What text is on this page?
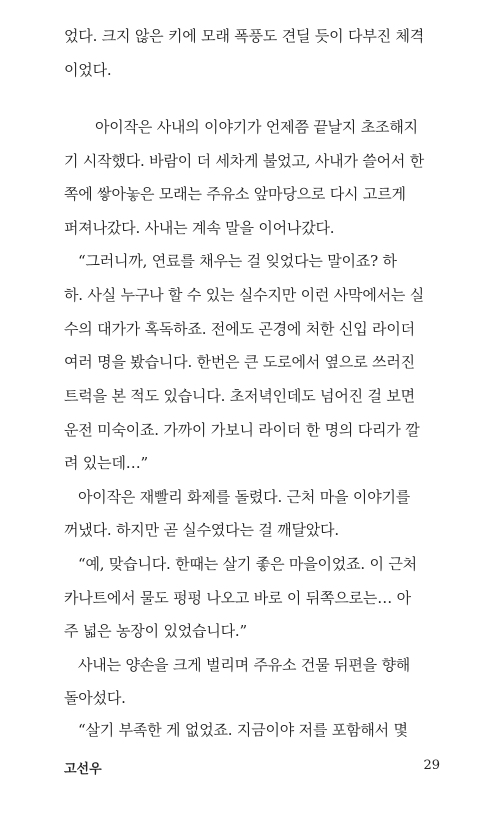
었다. 크지 않은 키에 모래 폭풍도 견딜 듯이 다부진 체격
이었다.
아이작은 사내의 이야기가 언제쯤 끝날지 초조해지
기 시작했다. 바람이 더 세차게 불었고, 사내가 쓸어서 한
쪽에 쌓아놓은 모래는 주유소 앞마당으로 다시 고르게
퍼져나갔다. 사내는 계속 말을 이어나갔다.
“그러니까, 연료를 채우는 걸 잊었다는 말이죠? 하
하. 사실 누구나 할 수 있는 실수지만 이런 사막에서는 실
수의 대가가 혹독하죠. 전에도 곤경에 처한 신입 라이더
여러 명을 봤습니다. 한번은 큰 도로에서 옆으로 쓰러진
트럭을 본 적도 있습니다. 초저녁인데도 넘어진 걸 보면
운전 미숙이죠. 가까이 가보니 라이더 한 명의 다리가 깔
려 있는데…”
아이작은 재빨리 화제를 돌렸다. 근처 마을 이야기를
꺼냈다. 하지만 곧 실수였다는 걸 깨달았다.
“예, 맞습니다. 한때는 살기 좋은 마을이었죠. 이 근처
카나트에서 물도 펑펑 나오고 바로 이 뒤쪽으로는… 아
주 넓은 농장이 있었습니다.”
사내는 양손을 크게 벌리며 주유소 건물 뒤편을 향해
돌아섰다.
“살기 부족한 게 없었죠. 지금이야 저를 포함해서 몇
고선우	29
